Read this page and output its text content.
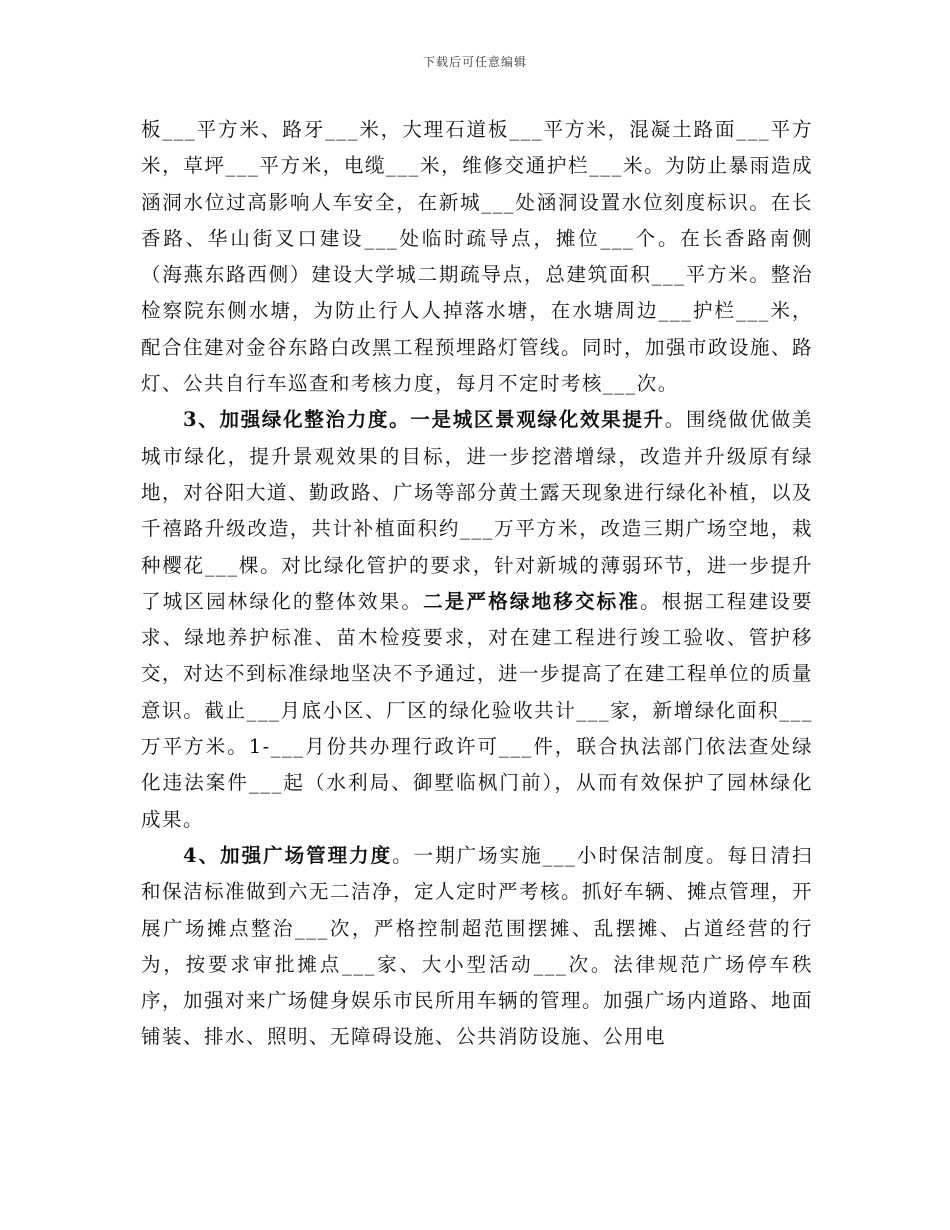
下载后可任意编辑

板___平方米、路牙___米，大理石道板___平方米，混凝土路面___平方米，草坪___平方米，电缆___米，维修交通护栏___米。为防止暴雨造成涵洞水位过高影响人车安全，在新城___处涵洞设置水位刻度标识。在长香路、华山街叉口建设___处临时疏导点，摊位___个。在长香路南侧（海燕东路西侧）建设大学城二期疏导点，总建筑面积___平方米。整治检察院东侧水塘，为防止行人人掉落水塘，在水塘周边___护栏___米，配合住建对金谷东路白改黑工程预埋路灯管线。同时，加强市政设施、路灯、公共自行车巡查和考核力度，每月不定时考核___次。

3、加强绿化整治力度。一是城区景观绿化效果提升。围绕做优做美城市绿化，提升景观效果的目标，进一步挖潜增绿，改造并升级原有绿地，对谷阳大道、勤政路、广场等部分黄土露天现象进行绿化补植，以及千禧路升级改造，共计补植面积约___万平方米，改造三期广场空地，栽种樱花___棵。对比绿化管护的要求，针对新城的薄弱环节，进一步提升了城区园林绿化的整体效果。二是严格绿地移交标准。根据工程建设要求、绿地养护标准、苗木检疫要求，对在建工程进行竣工验收、管护移交，对达不到标准绿地坚决不予通过，进一步提高了在建工程单位的质量意识。截止___月底小区、厂区的绿化验收共计___家，新增绿化面积___万平方米。1-___月份共办理行政许可___件，联合执法部门依法查处绿化违法案件___起（水利局、御墅临枫门前），从而有效保护了园林绿化成果。

4、加强广场管理力度。一期广场实施___小时保洁制度。每日清扫和保洁标准做到六无二洁净，定人定时严考核。抓好车辆、摊点管理，开展广场摊点整治___次，严格控制超范围摆摊、乱摆摊、占道经营的行为，按要求审批摊点___家、大小型活动___次。法律规范广场停车秩序，加强对来广场健身娱乐市民所用车辆的管理。加强广场内道路、地面铺装、排水、照明、无障碍设施、公共消防设施、公用电
